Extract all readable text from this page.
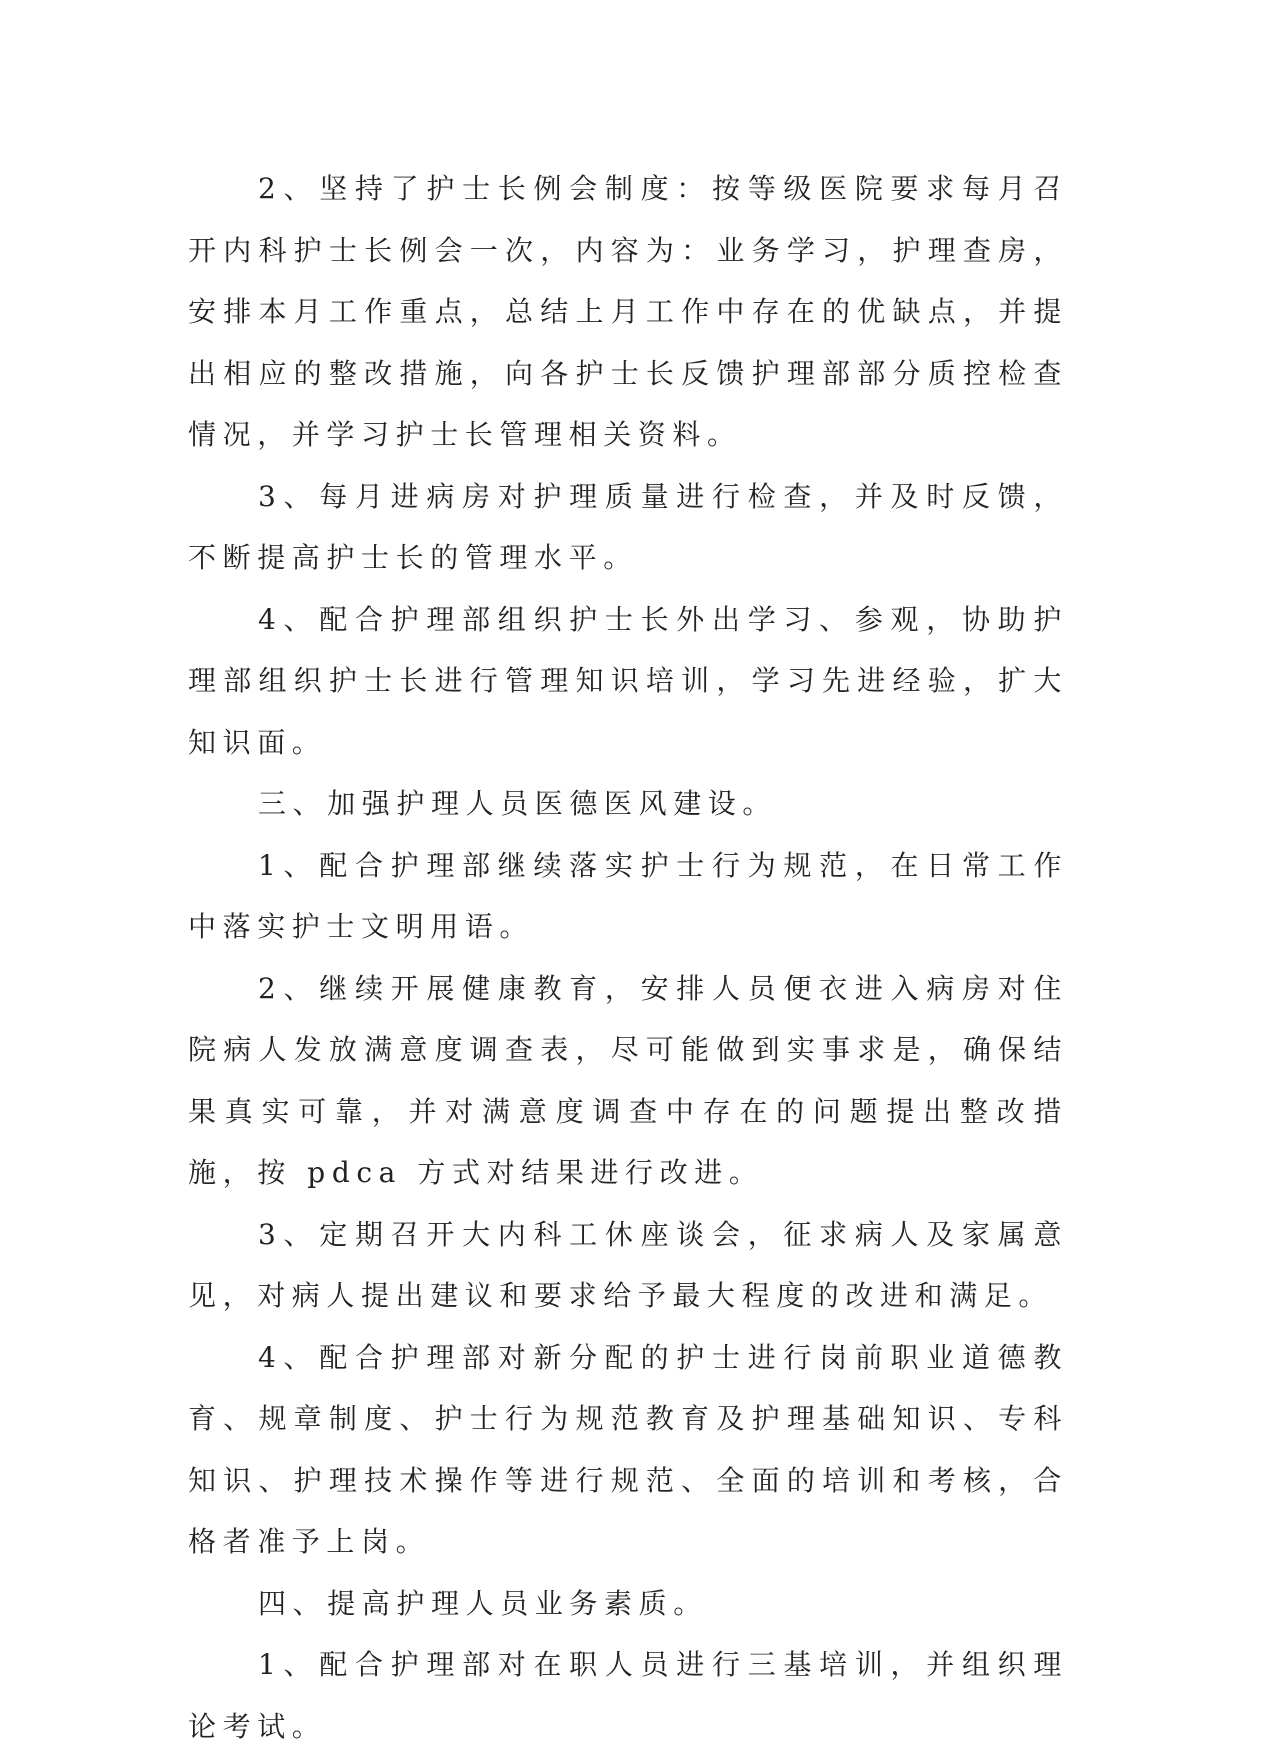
2、坚持了护士长例会制度：按等级医院要求每月召开内科护士长例会一次，内容为：业务学习，护理查房，安排本月工作重点，总结上月工作中存在的优缺点，并提出相应的整改措施，向各护士长反馈护理部部分质控检查情况，并学习护士长管理相关资料。

3、每月进病房对护理质量进行检查，并及时反馈，不断提高护士长的管理水平。

4、配合护理部组织护士长外出学习、参观，协助护理部组织护士长进行管理知识培训，学习先进经验，扩大知识面。

三、加强护理人员医德医风建设。

1、配合护理部继续落实护士行为规范，在日常工作中落实护士文明用语。

2、继续开展健康教育，安排人员便衣进入病房对住院病人发放满意度调查表，尽可能做到实事求是，确保结果真实可靠，并对满意度调查中存在的问题提出整改措施，按 pdca 方式对结果进行改进。

3、定期召开大内科工休座谈会，征求病人及家属意见，对病人提出建议和要求给予最大程度的改进和满足。

4、配合护理部对新分配的护士进行岗前职业道德教育、规章制度、护士行为规范教育及护理基础知识、专科知识、护理技术操作等进行规范、全面的培训和考核，合格者准予上岗。

四、提高护理人员业务素质。

1、配合护理部对在职人员进行三基培训，并组织理论考试。
